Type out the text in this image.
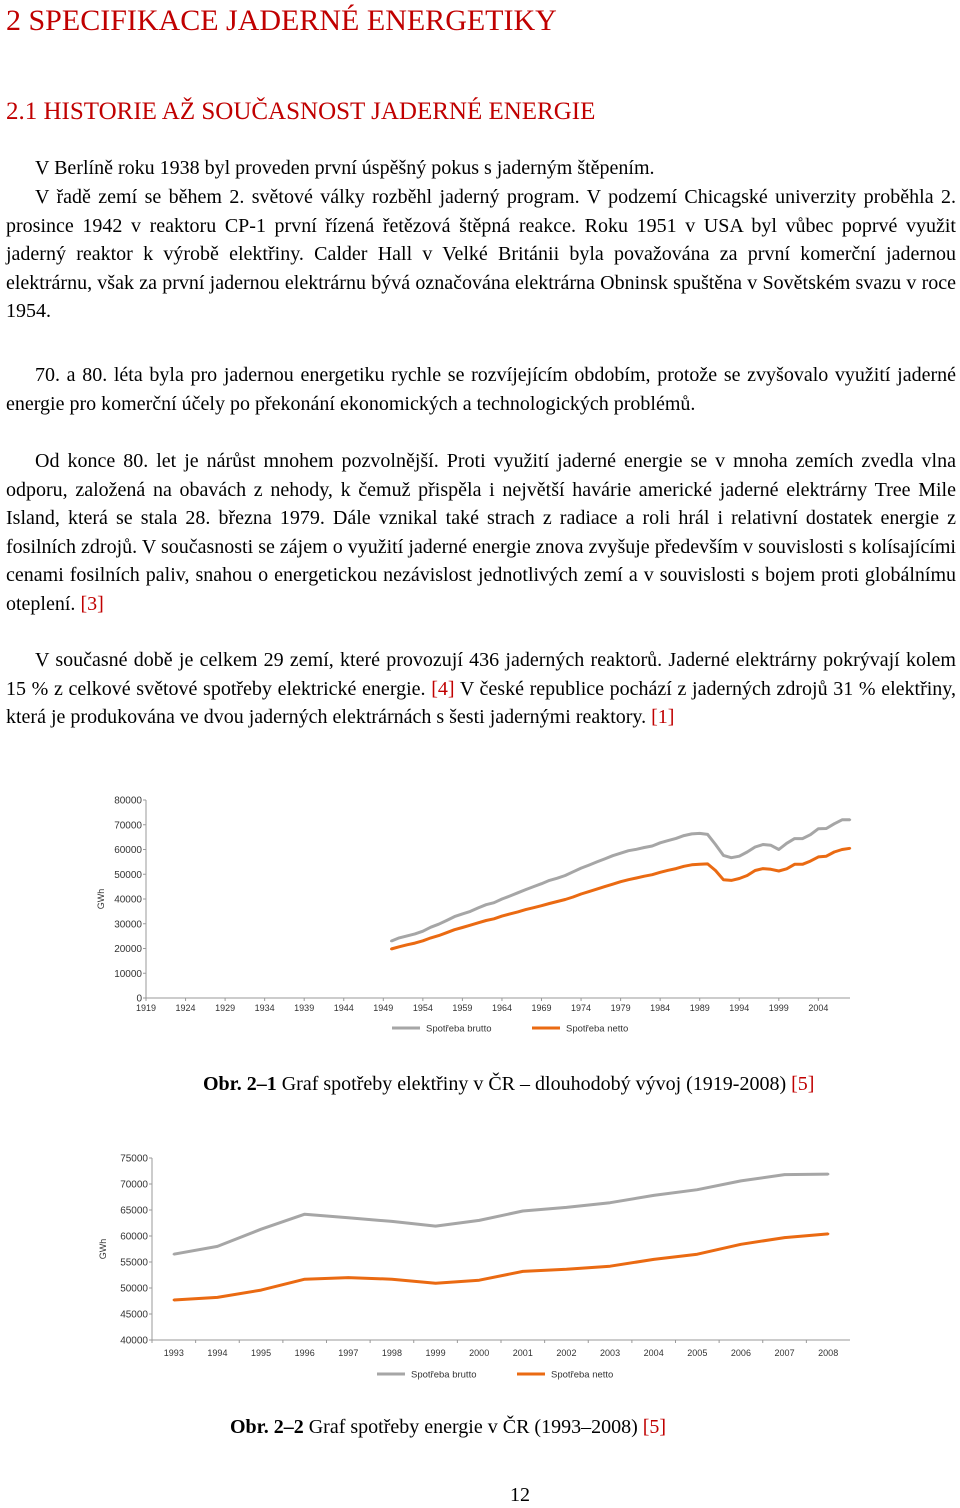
2 SPECIFIKACE JADERNÉ ENERGETIKY
2.1 HISTORIE AŽ SOUČASNOST JADERNÉ ENERGIE

V Berlíně roku 1938 byl proveden první úspěšný pokus s jaderným štěpením.

V řadě zemí se během 2. světové války rozběhl jaderný program. V podzemí Chicagské univerzity proběhla 2. prosince 1942 v reaktoru CP-1 první řízená řetězová štěpná reakce. Roku 1951 v USA byl vůbec poprvé využit jaderný reaktor k výrobě elektřiny. Calder Hall v Velké Británii byla považována za první komerční jadernou elektrárnu, však za první jadernou elektrárnu bývá označována elektrárna Obninsk spuštěna v Sovětském svazu v roce 1954.

70. a 80. léta byla pro jadernou energetiku rychle se rozvíjejícím obdobím, protože se zvyšovalo využití jaderné energie pro komerční účely po překonání ekonomických a technologických problémů.

Od konce 80. let je nárůst mnohem pozvolnější. Proti využití jaderné energie se v mnoha zemích zvedla vlna odporu, založená na obavách z nehody, k čemuž přispěla i největší havárie americké jaderné elektrárny Tree Mile Island, která se stala 28. března 1979. Dále vznikal také strach z radiace a roli hrál i relativní dostatek energie z fosilních zdrojů. V současnosti se zájem o využití jaderné energie znova zvyšuje především v souvislosti s kolísajícími cenami fosilních paliv, snahou o energetickou nezávislost jednotlivých zemí a v souvislosti s bojem proti globálnímu oteplení. [3]

V současné době je celkem 29 zemí, které provozují 436 jaderných reaktorů. Jaderné elektrárny pokrývají kolem 15 % z celkové světové spotřeby elektrické energie. [4] V české republice pochází z jaderných zdrojů 31 % elektřiny, která je produkována ve dvou jaderných elektrárnách s šesti jadernými reaktory. [1]

0
10000
20000
30000
40000
50000
60000
70000
80000
GWh
1919 1924 1929 1934 1939 1944 1949 1954 1959 1964 1969 1974 1979 1984 1989 1994 1999 2004
Spotřeba brutto	Spotřeba netto
Obr. 2–1 Graf spotřeby elektřiny v ČR – dlouhodobý vývoj (1919-2008) [5]
40000
45000
50000
55000
60000
65000
70000
75000
GWh
1993	1994	1995	1996	1997	1998	1999	2000	2001	2002	2003	2004	2005	2006	2007	2008
Spotřeba brutto	Spotřeba netto
Obr. 2–2 Graf spotřeby energie v ČR (1993–2008) [5]
12
